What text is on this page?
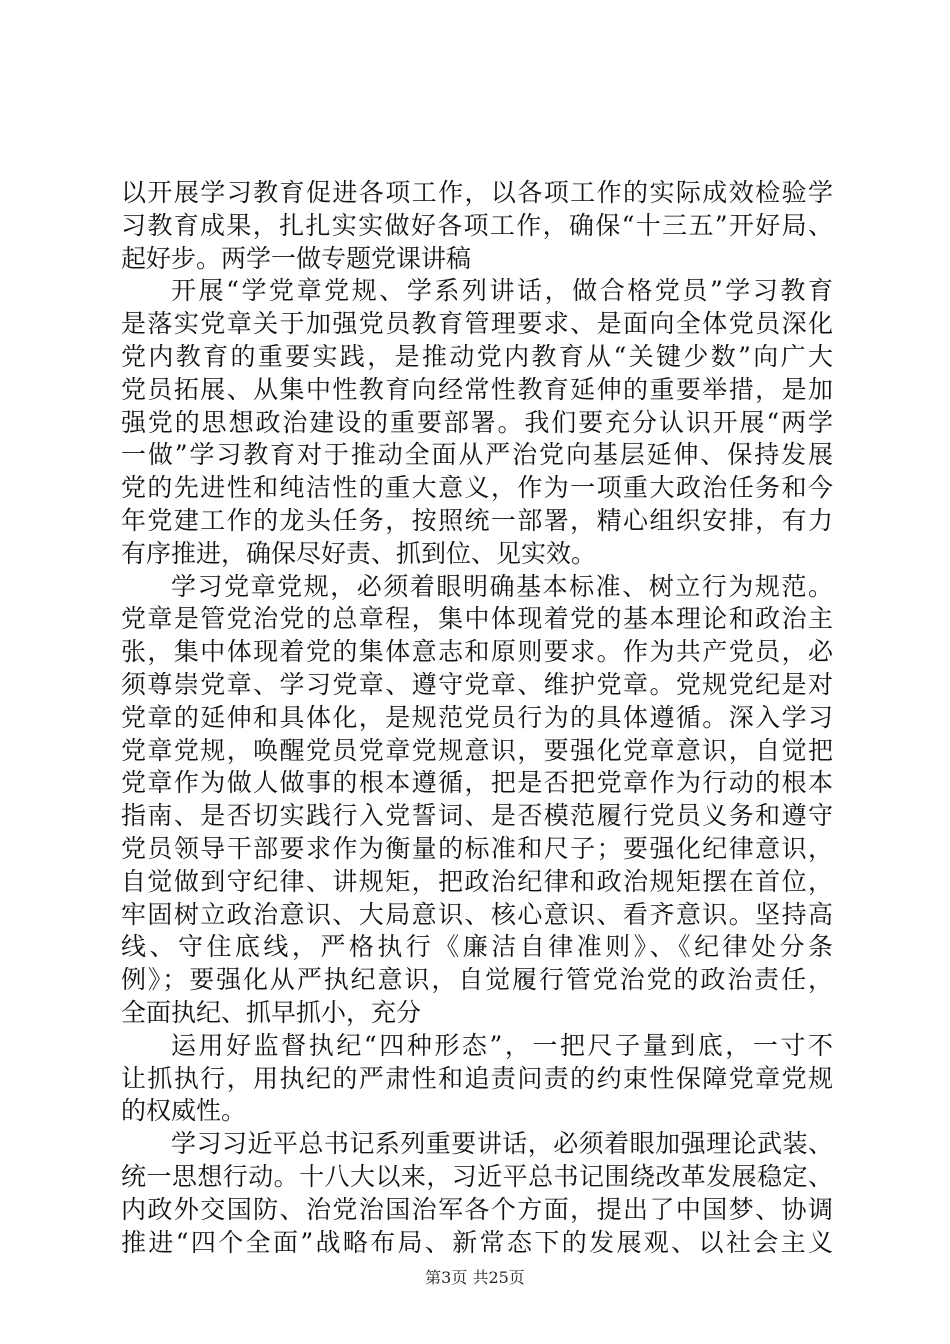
以开展学习教育促进各项工作，以各项工作的实际成效检验学
习教育成果，扎扎实实做好各项工作，确保“十三五”开好局、
起好步。两学一做专题党课讲稿
开展“学党章党规、学系列讲话，做合格党员”学习教育
是落实党章关于加强党员教育管理要求、是面向全体党员深化
党内教育的重要实践，是推动党内教育从“关键少数”向广大
党员拓展、从集中性教育向经常性教育延伸的重要举措，是加
强党的思想政治建设的重要部署。我们要充分认识开展“两学
一做”学习教育对于推动全面从严治党向基层延伸、保持发展
党的先进性和纯洁性的重大意义，作为一项重大政治任务和今
年党建工作的龙头任务，按照统一部署，精心组织安排，有力
有序推进，确保尽好责、抓到位、见实效。
学习党章党规，必须着眼明确基本标准、树立行为规范。
党章是管党治党的总章程，集中体现着党的基本理论和政治主
张，集中体现着党的集体意志和原则要求。作为共产党员，必
须尊崇党章、学习党章、遵守党章、维护党章。党规党纪是对
党章的延伸和具体化，是规范党员行为的具体遵循。深入学习
党章党规，唤醒党员党章党规意识，要强化党章意识，自觉把
党章作为做人做事的根本遵循，把是否把党章作为行动的根本
指南、是否切实践行入党誓词、是否模范履行党员义务和遵守
党员领导干部要求作为衡量的标准和尺子；要强化纪律意识，
自觉做到守纪律、讲规矩，把政治纪律和政治规矩摆在首位，
牢固树立政治意识、大局意识、核心意识、看齐意识。坚持高
线、守住底线，严格执行《廉洁自律准则》、《纪律处分条
例》；要强化从严执纪意识，自觉履行管党治党的政治责任，
全面执纪、抓早抓小，充分
运用好监督执纪“四种形态”，一把尺子量到底，一寸不
让抓执行，用执纪的严肃性和追责问责的约束性保障党章党规
的权威性。
学习习近平总书记系列重要讲话，必须着眼加强理论武装、
统一思想行动。十八大以来，习近平总书记围绕改革发展稳定、
内政外交国防、治党治国治军各个方面，提出了中国梦、协调
推进“四个全面”战略布局、新常态下的发展观、以社会主义
第3页 共25页
